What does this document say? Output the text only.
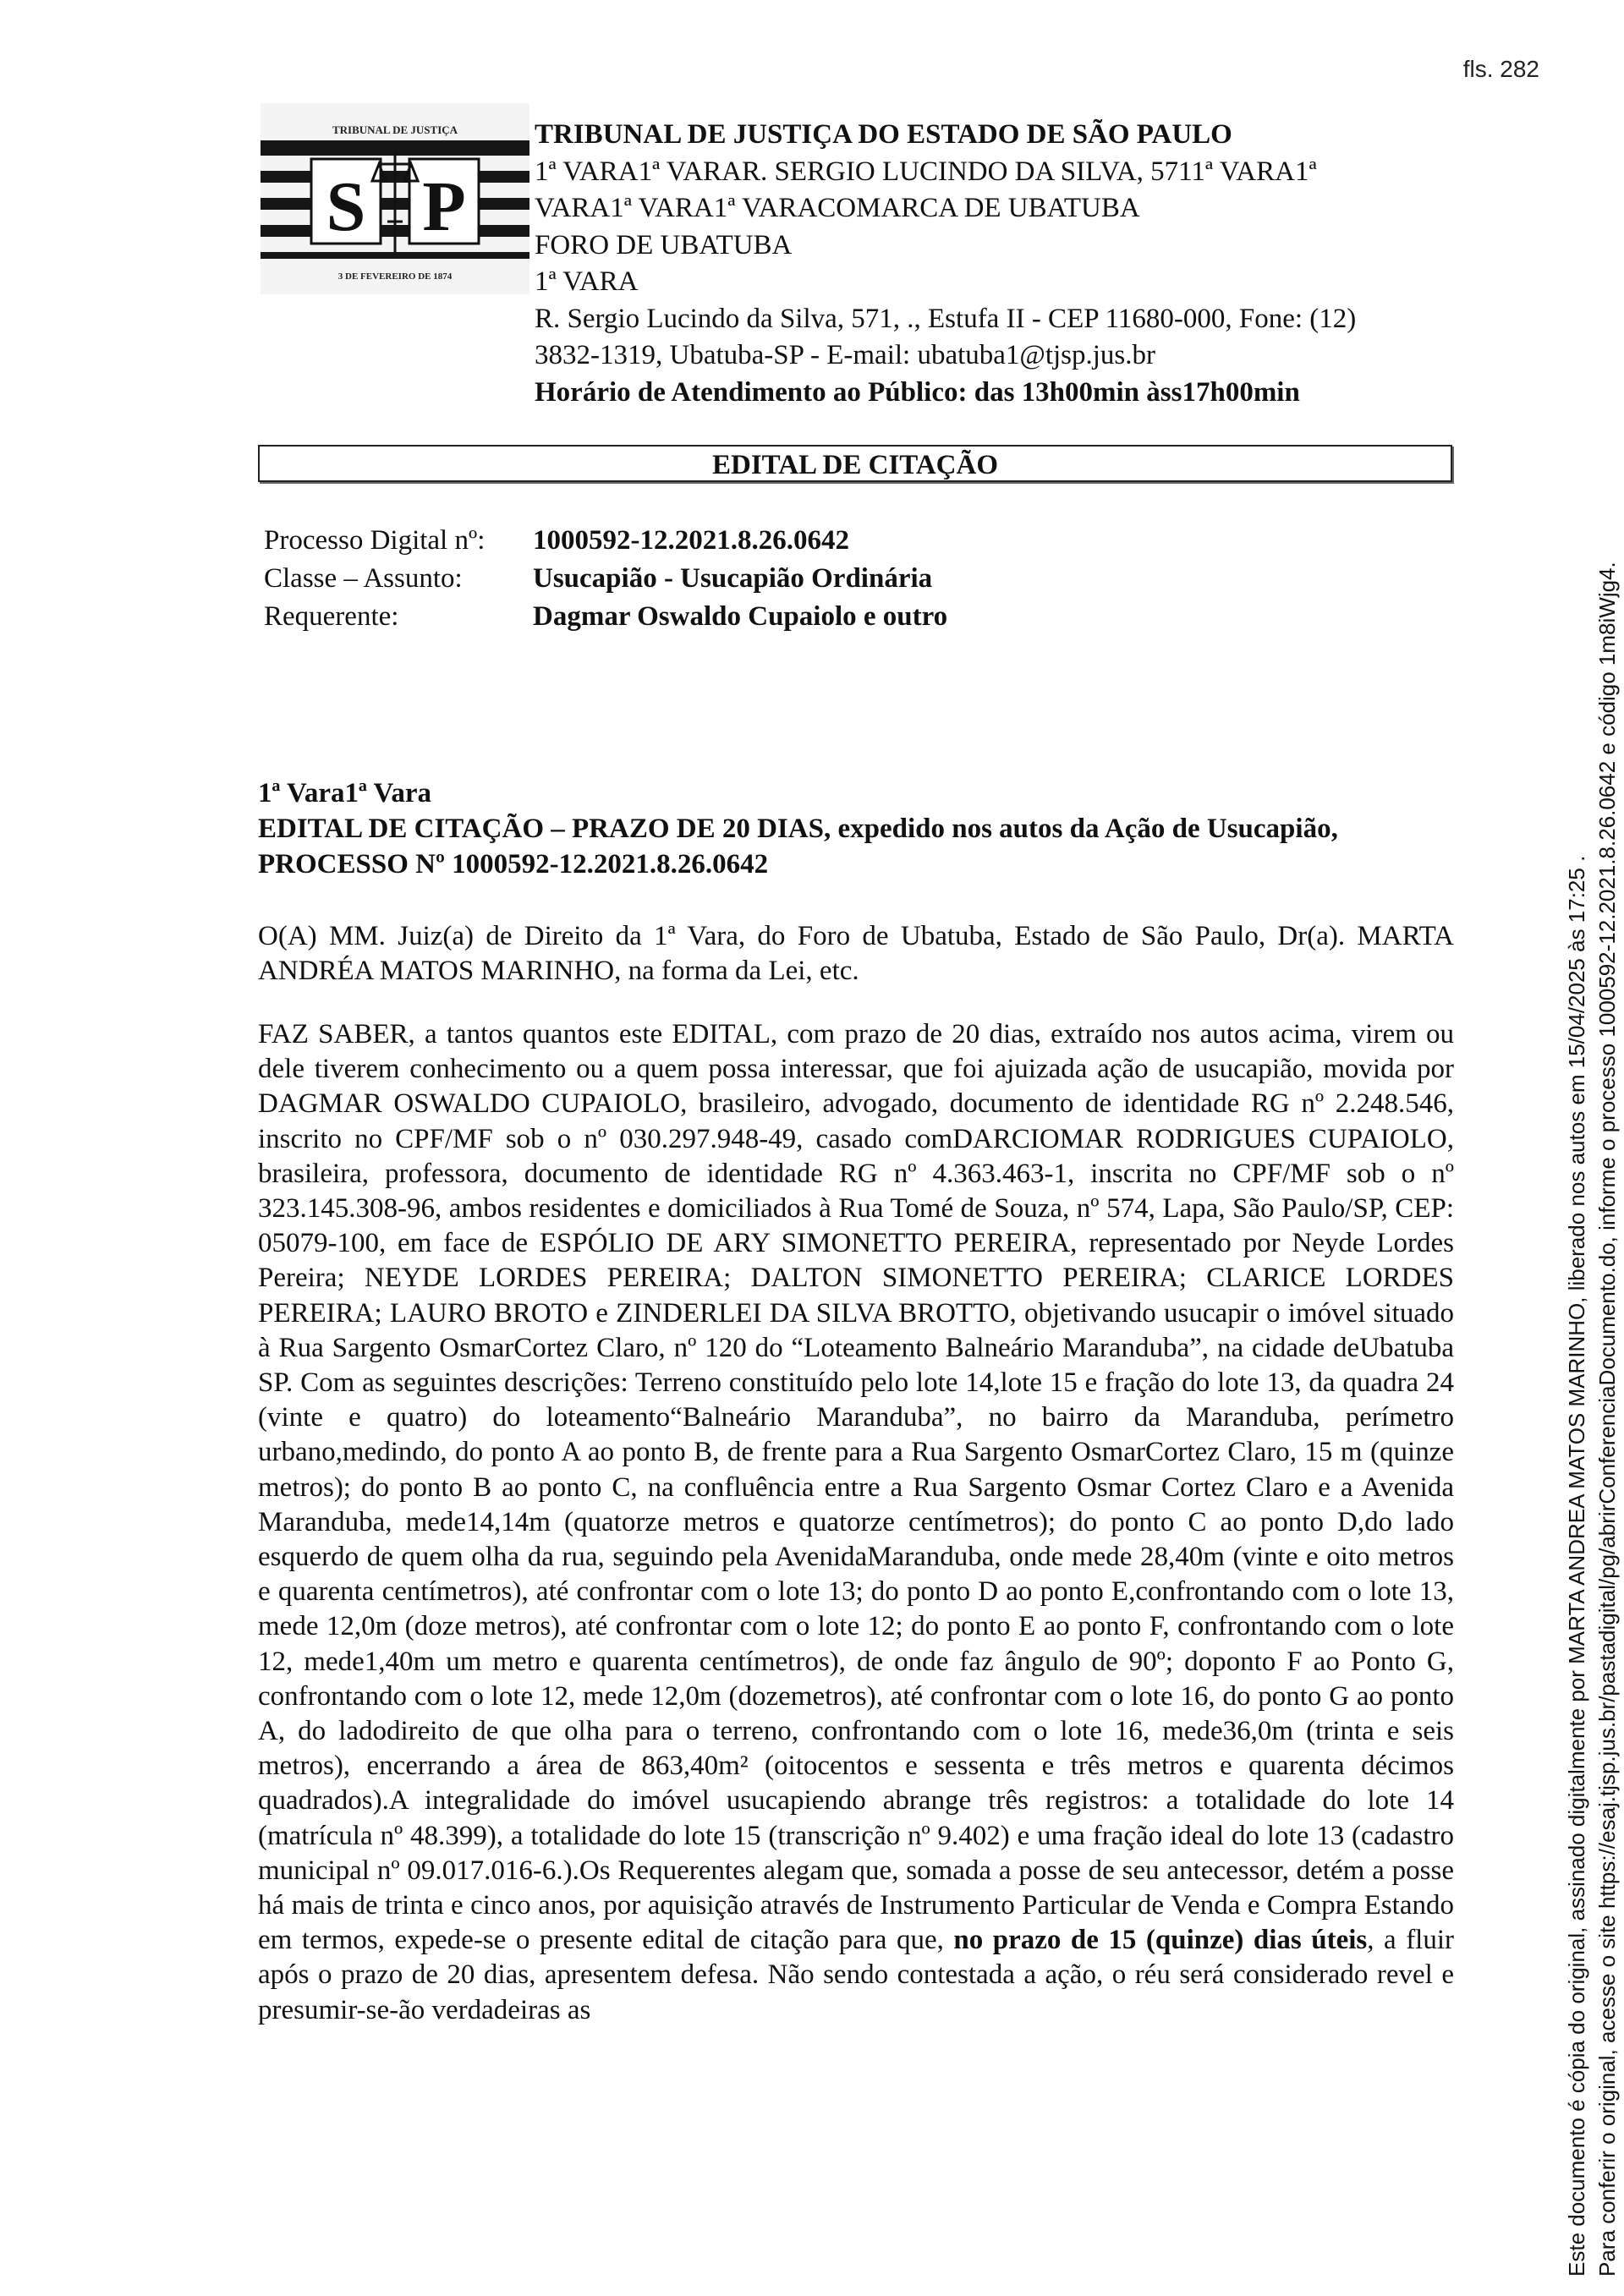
fls. 282
TRIBUNAL DE JUSTIÇA
S P
3 DE FEVEREIRO DE 1874
TRIBUNAL DE JUSTIÇA DO ESTADO DE SÃO PAULO
1ª VARA1ª VARAR. SERGIO LUCINDO DA SILVA, 5711ª VARA1ª
VARA1ª VARA1ª VARACOMARCA DE UBATUBA
FORO DE UBATUBA
1ª VARA
R. Sergio Lucindo da Silva, 571, ., Estufa II - CEP 11680-000, Fone: (12)
3832-1319, Ubatuba-SP - E-mail: ubatuba1@tjsp.jus.br
Horário de Atendimento ao Público: das 13h00min àss17h00min
EDITAL DE CITAÇÃO
Processo Digital nº:	1000592-12.2021.8.26.0642
Classe – Assunto:	Usucapião - Usucapião Ordinária
Requerente:	Dagmar Oswaldo Cupaiolo e outro
1ª Vara1ª Vara
EDITAL DE CITAÇÃO – PRAZO DE 20 DIAS, expedido nos autos da Ação de Usucapião,
PROCESSO Nº 1000592-12.2021.8.26.0642
O(A) MM. Juiz(a) de Direito da 1ª Vara, do Foro de Ubatuba, Estado de São Paulo, Dr(a). MARTA ANDRÉA MATOS MARINHO, na forma da Lei, etc.
FAZ SABER, a tantos quantos este EDITAL, com prazo de 20 dias, extraído nos autos acima, virem ou dele tiverem conhecimento ou a quem possa interessar, que foi ajuizada ação de usucapião, movida por DAGMAR OSWALDO CUPAIOLO, brasileiro, advogado, documento de identidade RG nº 2.248.546, inscrito no CPF/MF sob o nº 030.297.948-49, casado comDARCIOMAR RODRIGUES CUPAIOLO, brasileira, professora, documento de identidade RG nº 4.363.463-1, inscrita no CPF/MF sob o nº 323.145.308-96, ambos residentes e domiciliados à Rua Tomé de Souza, nº 574, Lapa, São Paulo/SP, CEP: 05079-100, em face de ESPÓLIO DE ARY SIMONETTO PEREIRA, representado por Neyde Lordes Pereira; NEYDE LORDES PEREIRA; DALTON SIMONETTO PEREIRA; CLARICE LORDES PEREIRA; LAURO BROTO e ZINDERLEI DA SILVA BROTTO, objetivando usucapir o imóvel situado à Rua Sargento OsmarCortez Claro, nº 120 do “Loteamento Balneário Maranduba”, na cidade deUbatuba SP. Com as seguintes descrições: Terreno constituído pelo lote 14,lote 15 e fração do lote 13, da quadra 24 (vinte e quatro) do loteamento“Balneário Maranduba”, no bairro da Maranduba, perímetro urbano,medindo, do ponto A ao ponto B, de frente para a Rua Sargento OsmarCortez Claro, 15 m (quinze metros); do ponto B ao ponto C, na confluência entre a Rua Sargento Osmar Cortez Claro e a Avenida Maranduba, mede14,14m (quatorze metros e quatorze centímetros); do ponto C ao ponto D,do lado esquerdo de quem olha da rua, seguindo pela AvenidaMaranduba, onde mede 28,40m (vinte e oito metros e quarenta centímetros), até confrontar com o lote 13; do ponto D ao ponto E,confrontando com o lote 13, mede 12,0m (doze metros), até confrontar com o lote 12; do ponto E ao ponto F, confrontando com o lote 12, mede1,40m um metro e quarenta centímetros), de onde faz ângulo de 90º; doponto F ao Ponto G, confrontando com o lote 12, mede 12,0m (dozemetros), até confrontar com o lote 16, do ponto G ao ponto A, do ladodireito de que olha para o terreno, confrontando com o lote 16, mede36,0m (trinta e seis metros), encerrando a área de 863,40m² (oitocentos e sessenta e três metros e quarenta décimos quadrados).A integralidade do imóvel usucapiendo abrange três registros: a totalidade do lote 14 (matrícula nº 48.399), a totalidade do lote 15 (transcrição nº 9.402) e uma fração ideal do lote 13 (cadastro municipal nº 09.017.016-6.).Os Requerentes alegam que, somada a posse de seu antecessor, detém a posse há mais de trinta e cinco anos, por aquisição através de Instrumento Particular de Venda e Compra Estando em termos, expede-se o presente edital de citação para que, no prazo de 15 (quinze) dias úteis, a fluir após o prazo de 20 dias, apresentem defesa. Não sendo contestada a ação, o réu será considerado revel e presumir-se-ão verdadeiras as	Este documento é cópia do original, assinado digitalmente por MARTA ANDREA MATOS MARINHO, liberado nos autos em 15/04/2025 às 17:25 . Para conferir o original, acesse o site https://esaj.tjsp.jus.br/pastadigital/pg/abrirConferenciaDocumento.do, informe o processo 1000592-12.2021.8.26.0642 e código 1m8iWjg4.
